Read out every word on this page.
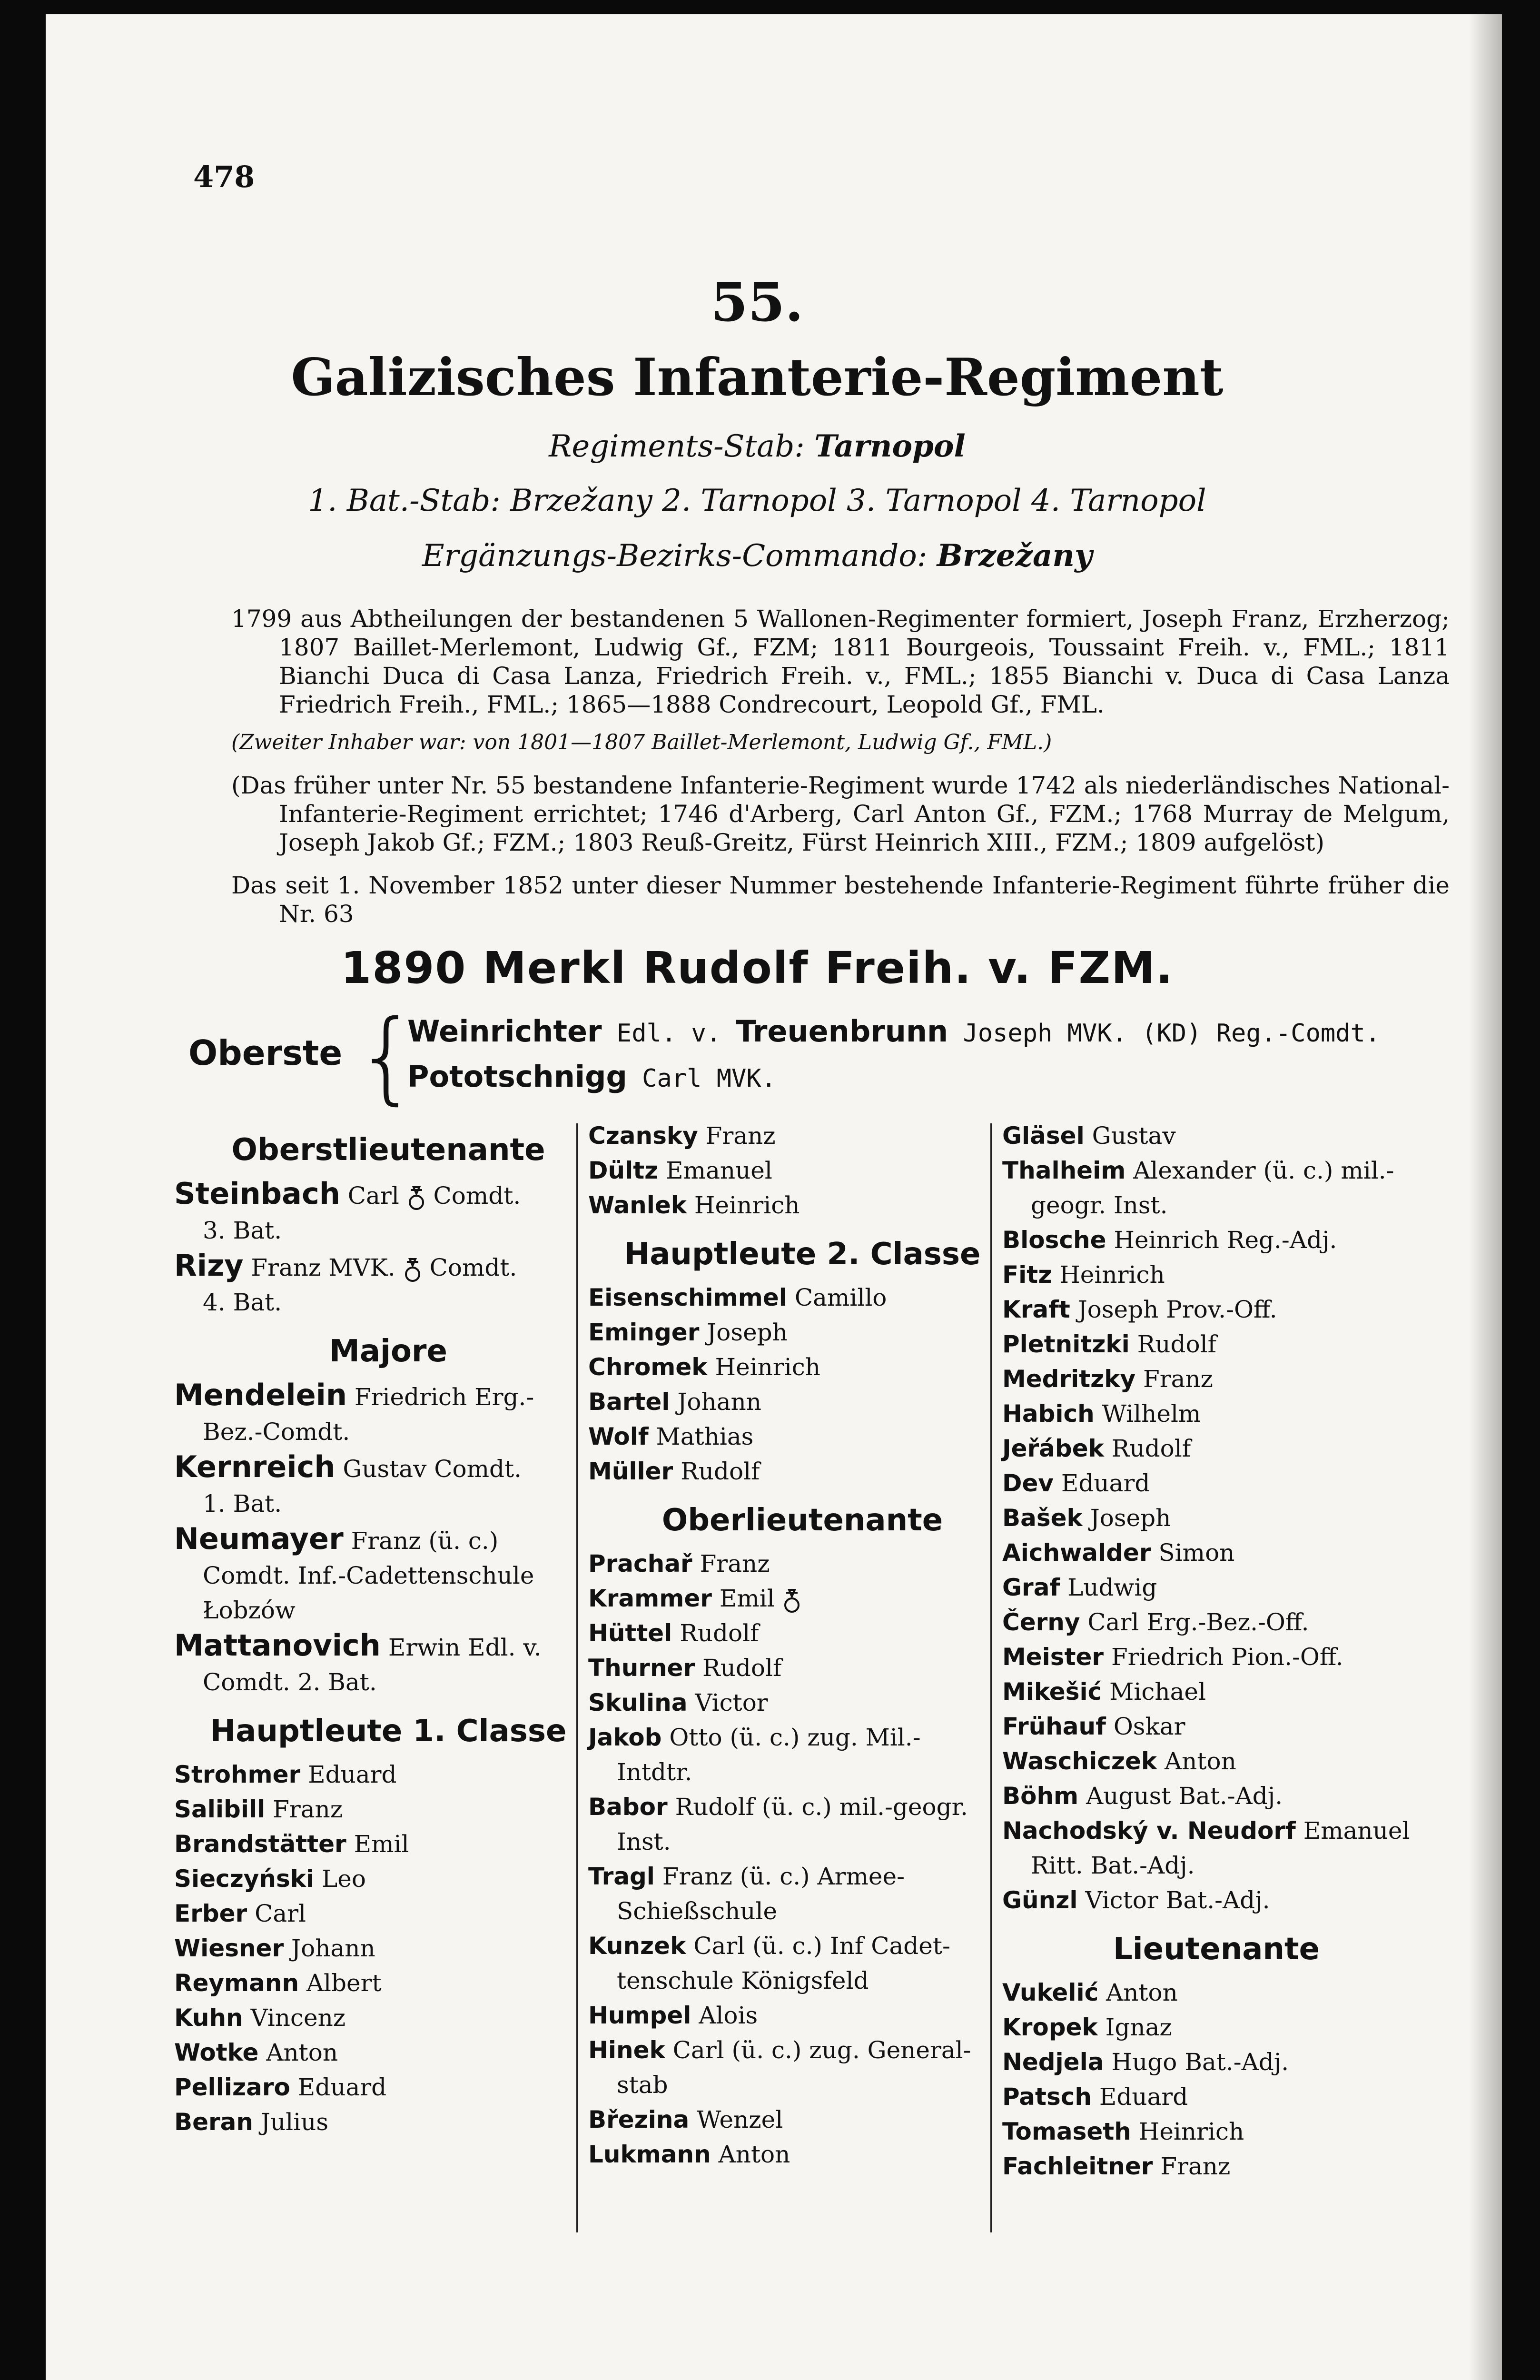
478
55.
Galizisches Infanterie-Regiment
Regiments-Stab: Tarnopol
1. Bat.-Stab: Brzežany 2. Tarnopol 3. Tarnopol 4. Tarnopol
Ergänzungs-Bezirks-Commando: Brzežany
1799 aus Abtheilungen der bestandenen 5 Wallonen-Regimenter formiert, Joseph Franz, Erzherzog; 1807 Baillet-Merlemont, Ludwig Gf., FZM; 1811 Bourgeois, Toussaint Freih. v., FML.; 1811 Bianchi Duca di Casa Lanza, Friedrich Freih. v., FML.; 1855 Bianchi v. Duca di Casa Lanza Friedrich Freih., FML.; 1865—1888 Condrecourt, Leopold Gf., FML.
(Zweiter Inhaber war: von 1801—1807 Baillet-Merlemont, Ludwig Gf., FML.)
(Das früher unter Nr. 55 bestandene Infanterie-Regiment wurde 1742 als niederländisches National-Infanterie-Regiment errichtet; 1746 d'Arberg, Carl Anton Gf., FZM.; 1768 Murray de Melgum, Joseph Jakob Gf.; FZM.; 1803 Reuß-Greitz, Fürst Heinrich XIII., FZM.; 1809 aufgelöst)
Das seit 1. November 1852 unter dieser Nummer bestehende Infanterie-Regiment führte früher die Nr. 63
1890 Merkl Rudolf Freih. v. FZM.
Oberste {
Weinrichter Edl. v. Treuenbrunn Joseph MVK. (KD) Reg.-Comdt.
Pototschnigg Carl MVK.
Oberstlieutenante
Steinbach Carl Comdt.
3. Bat.
Rizy Franz MVK. Comdt.
4. Bat.
Majore
Mendelein Friedrich Erg.-
Bez.-Comdt.
Kernreich Gustav Comdt.
1. Bat.
Neumayer Franz (ü. c.)
Comdt. Inf.-Cadettenschule Łobzów
Mattanovich Erwin Edl. v.
Comdt. 2. Bat.
Hauptleute 1. Classe
Strohmer Eduard
Salibill Franz
Brandstätter Emil
Sieczyński Leo
Erber Carl
Wiesner Johann
Reymann Albert
Kuhn Vincenz
Wotke Anton
Pellizaro Eduard
Beran Julius
Czansky Franz
Dültz Emanuel
Wanlek Heinrich
Hauptleute 2. Classe
Eisenschimmel Camillo
Eminger Joseph
Chromek Heinrich
Bartel Johann
Wolf Mathias
Müller Rudolf
Oberlieutenante
Prachař Franz
Krammer Emil
Hüttel Rudolf
Thurner Rudolf
Skulina Victor
Jakob Otto (ü. c.) zug. Mil.-
Intdtr.
Babor Rudolf (ü. c.) mil.-geogr.
Inst.
Tragl Franz (ü. c.) Armee-
Schießschule
Kunzek Carl (ü. c.) Inf Cadet-
tenschule Königsfeld
Humpel Alois
Hinek Carl (ü. c.) zug. General-
stab
Březina Wenzel
Lukmann Anton
Gläsel Gustav
Thalheim Alexander (ü. c.) mil.-
geogr. Inst.
Blosche Heinrich Reg.-Adj.
Fitz Heinrich
Kraft Joseph Prov.-Off.
Pletnitzki Rudolf
Medritzky Franz
Habich Wilhelm
Jeřábek Rudolf
Dev Eduard
Bašek Joseph
Aichwalder Simon
Graf Ludwig
Černy Carl Erg.-Bez.-Off.
Meister Friedrich Pion.-Off.
Mikešić Michael
Frühauf Oskar
Waschiczek Anton
Böhm August Bat.-Adj.
Nachodský v. Neudorf Emanuel
Ritt. Bat.-Adj.
Günzl Victor Bat.-Adj.
Lieutenante
Vukelić Anton
Kropek Ignaz
Nedjela Hugo Bat.-Adj.
Patsch Eduard
Tomaseth Heinrich
Fachleitner Franz
